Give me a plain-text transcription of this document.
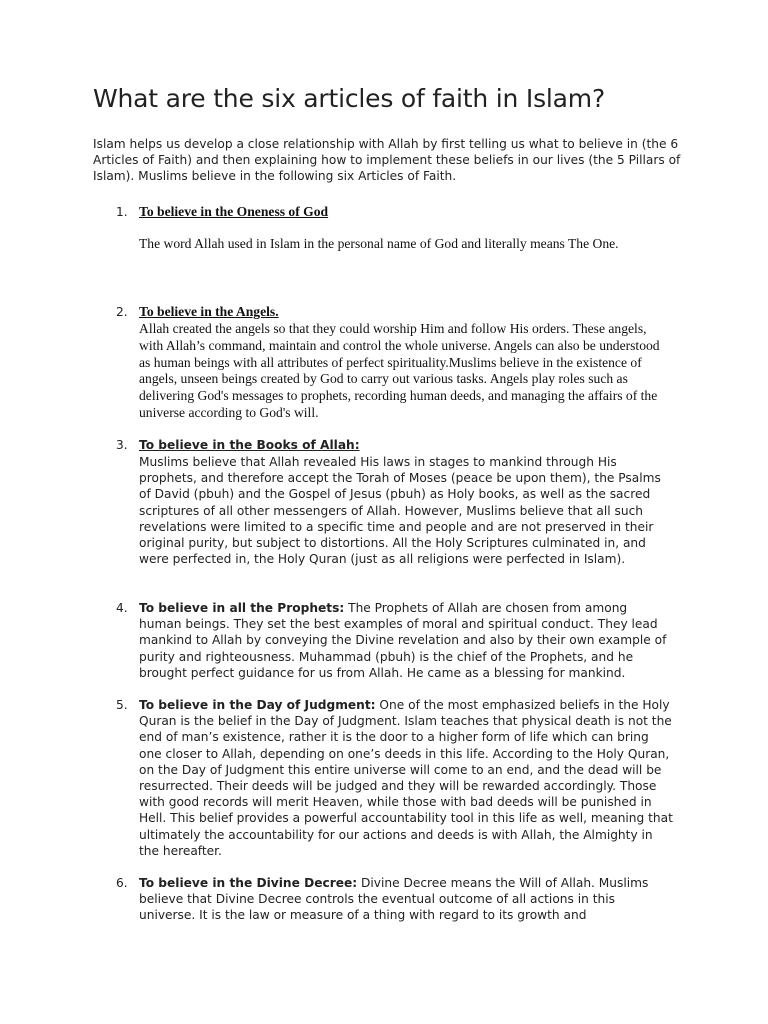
What are the six articles of faith in Islam?

Islam helps us develop a close relationship with Allah by first telling us what to believe in (the 6 Articles of Faith) and then explaining how to implement these beliefs in our lives (the 5 Pillars of Islam). Muslims believe in the following six Articles of Faith.

1. To believe in the Oneness of God

The word Allah used in Islam in the personal name of God and literally means The One.

2. To believe in the Angels.

Allah created the angels so that they could worship Him and follow His orders. These angels, with Allah’s command, maintain and control the whole universe. Angels can also be understood as human beings with all attributes of perfect spirituality.Muslims believe in the existence of angels, unseen beings created by God to carry out various tasks. Angels play roles such as delivering God's messages to prophets, recording human deeds, and managing the affairs of the universe according to God's will.

3. To believe in the Books of Allah:

Muslims believe that Allah revealed His laws in stages to mankind through His prophets, and therefore accept the Torah of Moses (peace be upon them), the Psalms of David (pbuh) and the Gospel of Jesus (pbuh) as Holy books, as well as the sacred scriptures of all other messengers of Allah. However, Muslims believe that all such revelations were limited to a specific time and people and are not preserved in their original purity, but subject to distortions. All the Holy Scriptures culminated in, and were perfected in, the Holy Quran (just as all religions were perfected in Islam).

4. To believe in all the Prophets: The Prophets of Allah are chosen from among human beings. They set the best examples of moral and spiritual conduct. They lead mankind to Allah by conveying the Divine revelation and also by their own example of purity and righteousness. Muhammad (pbuh) is the chief of the Prophets, and he brought perfect guidance for us from Allah. He came as a blessing for mankind.

5. To believe in the Day of Judgment: One of the most emphasized beliefs in the Holy Quran is the belief in the Day of Judgment. Islam teaches that physical death is not the end of man’s existence, rather it is the door to a higher form of life which can bring one closer to Allah, depending on one’s deeds in this life. According to the Holy Quran, on the Day of Judgment this entire universe will come to an end, and the dead will be resurrected. Their deeds will be judged and they will be rewarded accordingly. Those with good records will merit Heaven, while those with bad deeds will be punished in Hell. This belief provides a powerful accountability tool in this life as well, meaning that ultimately the accountability for our actions and deeds is with Allah, the Almighty in the hereafter.

6. To believe in the Divine Decree: Divine Decree means the Will of Allah. Muslims believe that Divine Decree controls the eventual outcome of all actions in this universe. It is the law or measure of a thing with regard to its growth and
